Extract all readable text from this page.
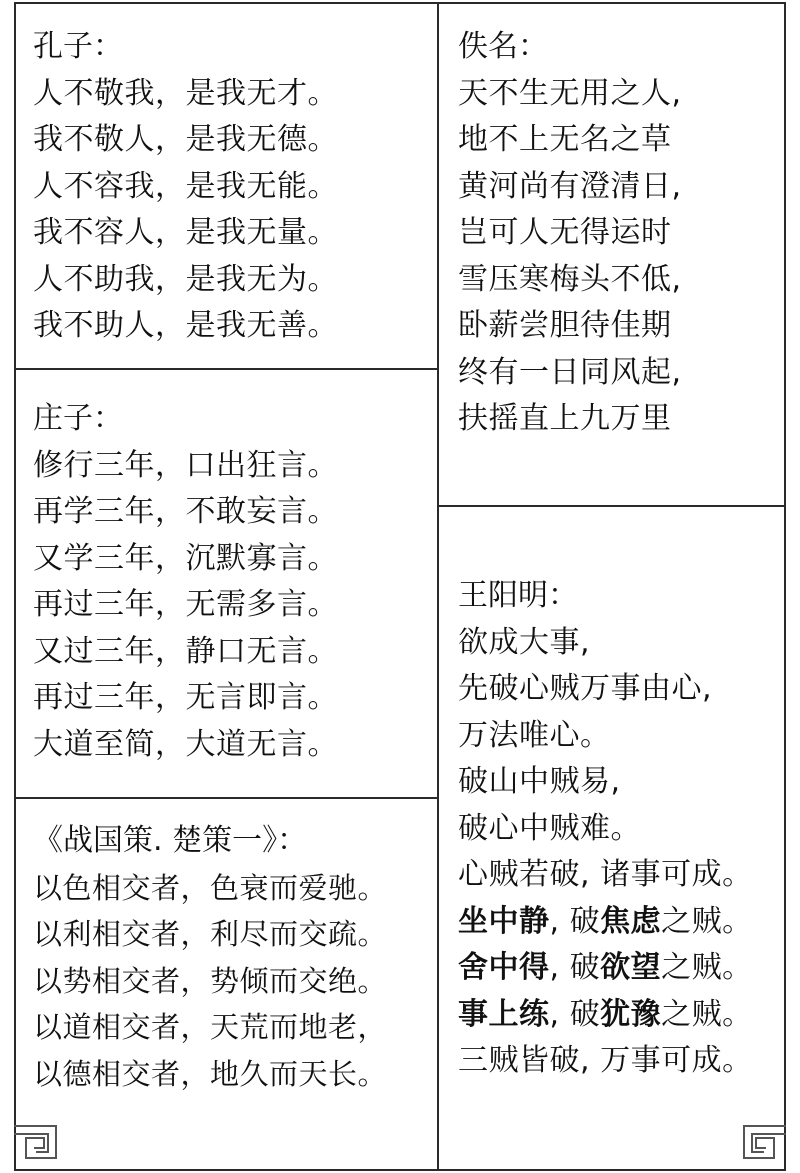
孔子：
人不敬我，是我无才。
我不敬人，是我无德。
人不容我，是我无能。
我不容人，是我无量。
人不助我，是我无为。
我不助人，是我无善。
庄子：
修行三年，口出狂言。
再学三年，不敢妄言。
又学三年，沉默寡言。
再过三年，无需多言。
又过三年，静口无言。
再过三年，无言即言。
大道至简，大道无言。
《战国策. 楚策一》：
以色相交者，色衰而爱驰。
以利相交者，利尽而交疏。
以势相交者，势倾而交绝。
以道相交者，天荒而地老，
以德相交者，地久而天长。
佚名：
天不生无用之人,
地不上无名之草
黄河尚有澄清日,
岂可人无得运时
雪压寒梅头不低,
卧薪尝胆待佳期
终有一日同风起,
扶摇直上九万里
王阳明：
欲成大事,
先破心贼万事由心,
万法唯心。
破山中贼易,
破心中贼难。
心贼若破, 诸事可成。
坐中静, 破焦虑之贼。
舍中得, 破欲望之贼。
事上练, 破犹豫之贼。
三贼皆破, 万事可成。
